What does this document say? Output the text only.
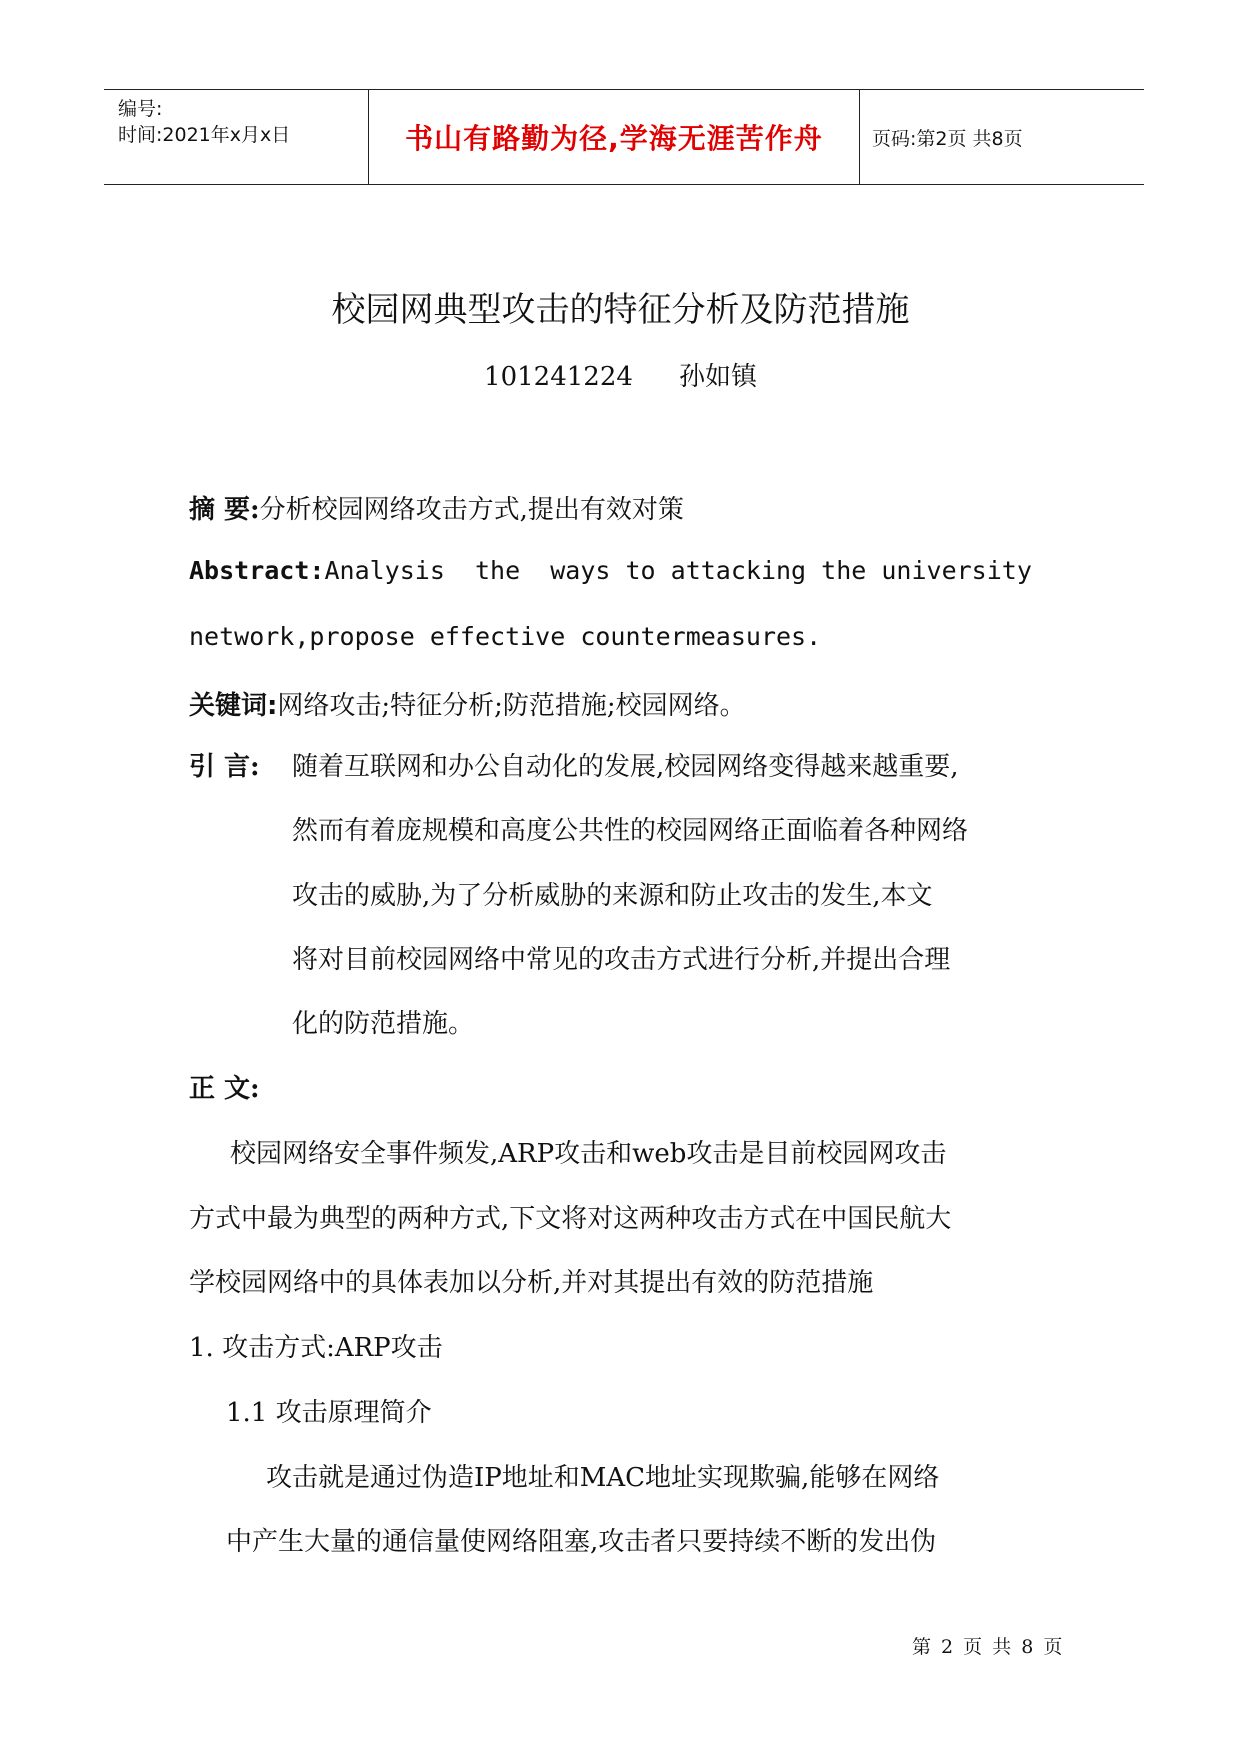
编号:
时间:2021年x月x日	书山有路勤为径,学海无涯苦作舟	页码:第2页 共8页
校园网典型攻击的特征分析及防范措施
101241224 孙如镇
摘 要:分析校园网络攻击方式,提出有效对策
Abstract:Analysis  the  ways to attacking the university
network,propose effective countermeasures.
关键词:网络攻击;特征分析;防范措施;校园网络。
引 言: 随着互联网和办公自动化的发展,校园网络变得越来越重要,
然而有着庞规模和高度公共性的校园网络正面临着各种网络
攻击的威胁,为了分析威胁的来源和防止攻击的发生,本文
将对目前校园网络中常见的攻击方式进行分析,并提出合理
化的防范措施。
正 文:
校园网络安全事件频发,ARP攻击和web攻击是目前校园网攻击
方式中最为典型的两种方式,下文将对这两种攻击方式在中国民航大
学校园网络中的具体表加以分析,并对其提出有效的防范措施
1. 攻击方式:ARP攻击
1.1 攻击原理简介
攻击就是通过伪造IP地址和MAC地址实现欺骗,能够在网络
中产生大量的通信量使网络阻塞,攻击者只要持续不断的发出伪
第 2 页 共 8 页
